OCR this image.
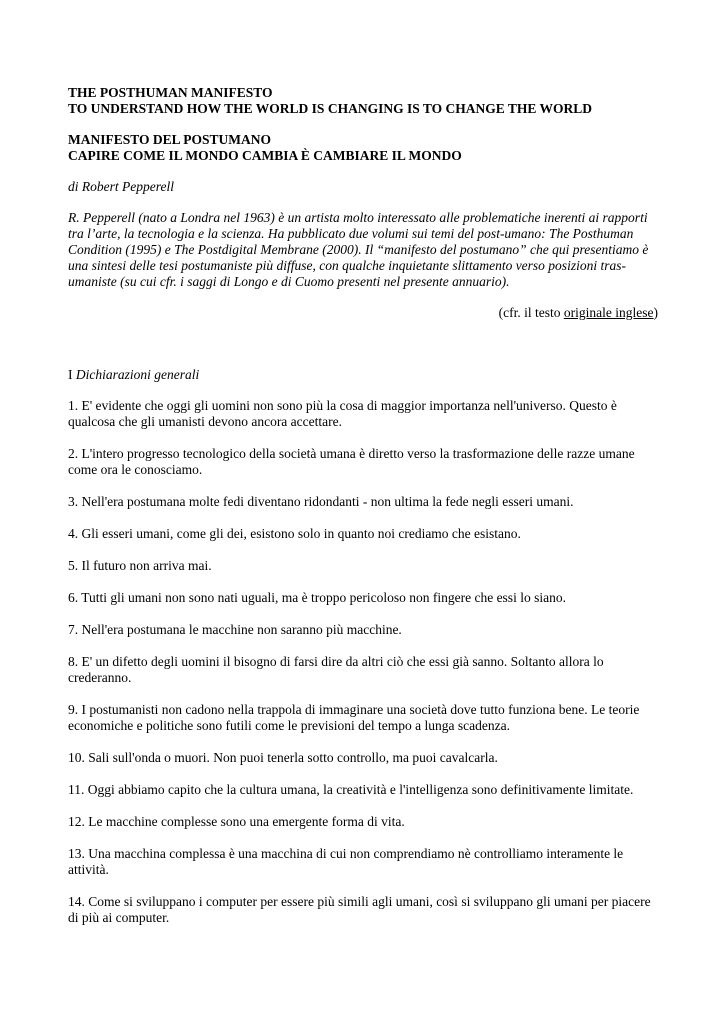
THE POSTHUMAN MANIFESTO
TO UNDERSTAND HOW THE WORLD IS CHANGING IS TO CHANGE THE WORLD
MANIFESTO DEL POSTUMANO
CAPIRE COME IL MONDO CAMBIA È CAMBIARE IL MONDO

di Robert Pepperell

R. Pepperell (nato a Londra nel 1963) è un artista molto interessato alle problematiche inerenti ai rapporti tra l’arte, la tecnologia e la scienza. Ha pubblicato due volumi sui temi del post-umano: The Posthuman Condition (1995) e The Postdigital Membrane (2000). Il “manifesto del postumano” che qui presentiamo è una sintesi delle tesi postumaniste più diffuse, con qualche inquietante slittamento verso posizioni tras-umaniste (su cui cfr. i saggi di Longo e di Cuomo presenti nel presente annuario).

(cfr. il testo originale inglese)

I Dichiarazioni generali

1. E' evidente che oggi gli uomini non sono più la cosa di maggior importanza nell'universo. Questo è qualcosa che gli umanisti devono ancora accettare.

2. L'intero progresso tecnologico della società umana è diretto verso la trasformazione delle razze umane come ora le conosciamo.

3. Nell'era postumana molte fedi diventano ridondanti - non ultima la fede negli esseri umani.

4. Gli esseri umani, come gli dei, esistono solo in quanto noi crediamo che esistano.

5. Il futuro non arriva mai.

6. Tutti gli umani non sono nati uguali, ma è troppo pericoloso non fingere che essi lo siano.

7. Nell'era postumana le macchine non saranno più macchine.

8. E' un difetto degli uomini il bisogno di farsi dire da altri ciò che essi già sanno. Soltanto allora lo crederanno.

9. I postumanisti non cadono nella trappola di immaginare una società dove tutto funziona bene. Le teorie economiche e politiche sono futili come le previsioni del tempo a lunga scadenza.

10. Sali sull'onda o muori. Non puoi tenerla sotto controllo, ma puoi cavalcarla.

11. Oggi abbiamo capito che la cultura umana, la creatività e l'intelligenza sono definitivamente limitate.

12. Le macchine complesse sono una emergente forma di vita.

13. Una macchina complessa è una macchina di cui non comprendiamo nè controlliamo interamente le attività.

14. Come si sviluppano i computer per essere più simili agli umani, così si sviluppano gli umani per piacere di più ai computer.
